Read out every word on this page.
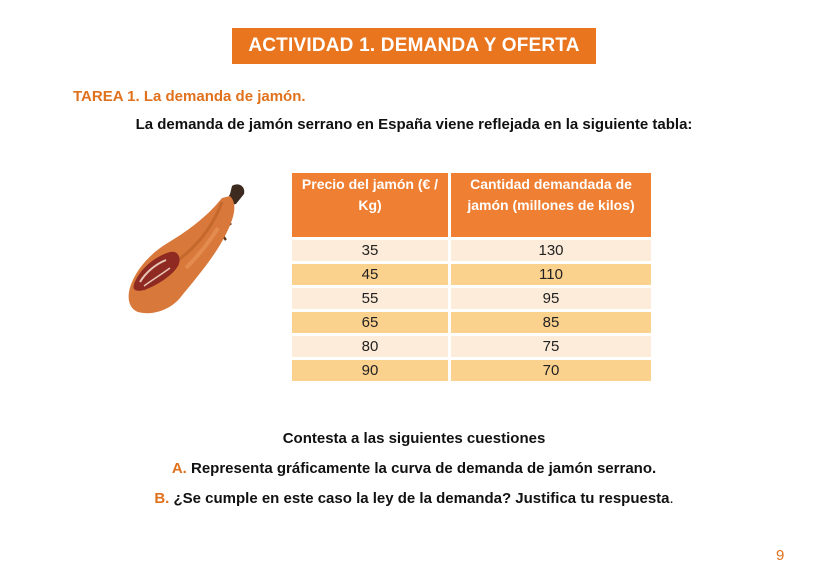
ACTIVIDAD 1. DEMANDA Y OFERTA
TAREA 1. La demanda de jamón.
La demanda de jamón serrano en España viene reflejada en la siguiente tabla:
Precio del jamón (€ / Kg)	Cantidad demandada de jamón (millones de kilos)
35	130
45	110
55	95
65	85
80	75
90	70
Contesta a las siguientes cuestiones
A. Representa gráficamente la curva de demanda de jamón serrano.
B. ¿Se cumple en este caso la ley de la demanda? Justifica tu respuesta.
9
